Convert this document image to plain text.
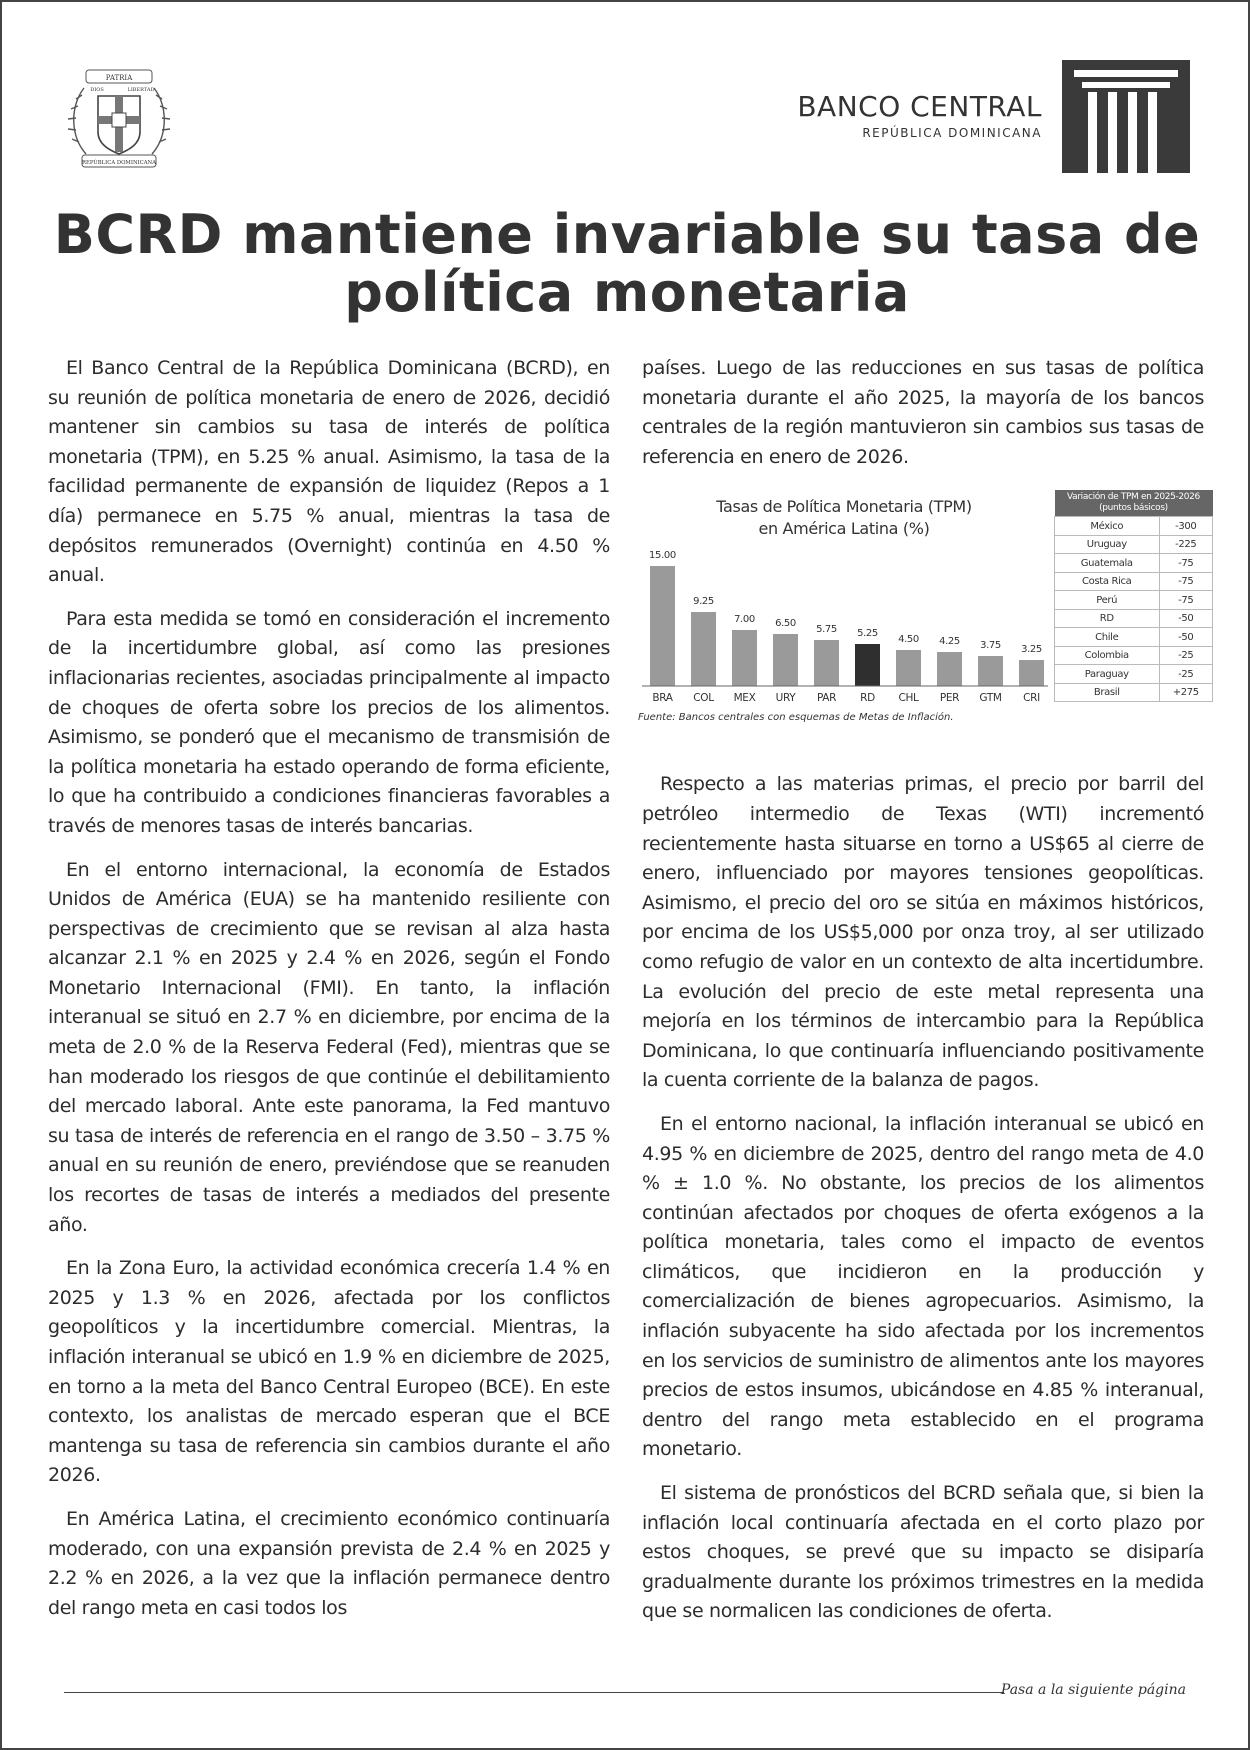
PATRIA
DIOS	LIBERTAD
REPÚBLICA DOMINICANA
BANCO CENTRAL
REPÚBLICA DOMINICANA
BCRD mantiene invariable su tasa de política monetaria

El Banco Central de la República Dominicana (BCRD), en su reunión de política monetaria de enero de 2026, decidió mantener sin cambios su tasa de interés de política monetaria (TPM), en 5.25 % anual. Asimismo, la tasa de la facilidad permanente de expansión de liquidez (Repos a 1 día) permanece en 5.75 % anual, mientras la tasa de depósitos remunerados (Overnight) continúa en 4.50 % anual.

Para esta medida se tomó en consideración el incremento de la incertidumbre global, así como las presiones inflacionarias recientes, asociadas principalmente al impacto de choques de oferta sobre los precios de los alimentos. Asimismo, se ponderó que el mecanismo de transmisión de la política monetaria ha estado operando de forma eficiente, lo que ha contribuido a condiciones financieras favorables a través de menores tasas de interés bancarias.

En el entorno internacional, la economía de Estados Unidos de América (EUA) se ha mantenido resiliente con perspectivas de crecimiento que se revisan al alza hasta alcanzar 2.1 % en 2025 y 2.4 % en 2026, según el Fondo Monetario Internacional (FMI). En tanto, la inflación interanual se situó en 2.7 % en diciembre, por encima de la meta de 2.0 % de la Reserva Federal (Fed), mientras que se han moderado los riesgos de que continúe el debilitamiento del mercado laboral. Ante este panorama, la Fed mantuvo su tasa de interés de referencia en el rango de 3.50 – 3.75 % anual en su reunión de enero, previéndose que se reanuden los recortes de tasas de interés a mediados del presente año.

En la Zona Euro, la actividad económica crecería 1.4 % en 2025 y 1.3 % en 2026, afectada por los conflictos geopolíticos y la incertidumbre comercial. Mientras, la inflación interanual se ubicó en 1.9 % en diciembre de 2025, en torno a la meta del Banco Central Europeo (BCE). En este contexto, los analistas de mercado esperan que el BCE mantenga su tasa de referencia sin cambios durante el año 2026.

En América Latina, el crecimiento económico continuaría moderado, con una expansión prevista de 2.4 % en 2025 y 2.2 % en 2026, a la vez que la inflación permanece dentro del rango meta en casi todos los

países. Luego de las reducciones en sus tasas de política monetaria durante el año 2025, la mayoría de los bancos centrales de la región mantuvieron sin cambios sus tasas de referencia en enero de 2026.

Tasas de Política Monetaria (TPM)
en América Latina (%)
15.00
BRA
9.25
COL
7.00
MEX
6.50
URY
5.75
PAR
5.25
RD
4.50
CHL
4.25
PER
3.75
GTM
3.25
CRI
Variación de TPM en 2025-2026
(puntos básicos)	
México	-300
Uruguay	-225
Guatemala	-75
Costa Rica	-75
Perú	-75
RD	-50
Chile	-50
Colombia	-25
Paraguay	-25
Brasil	+275
Fuente: Bancos centrales con esquemas de Metas de Inflación.

Respecto a las materias primas, el precio por barril del petróleo intermedio de Texas (WTI) incrementó recientemente hasta situarse en torno a US$65 al cierre de enero, influenciado por mayores tensiones geopolíticas. Asimismo, el precio del oro se sitúa en máximos históricos, por encima de los US$5,000 por onza troy, al ser utilizado como refugio de valor en un contexto de alta incertidumbre. La evolución del precio de este metal representa una mejoría en los términos de intercambio para la República Dominicana, lo que continuaría influenciando positivamente la cuenta corriente de la balanza de pagos.

En el entorno nacional, la inflación interanual se ubicó en 4.95 % en diciembre de 2025, dentro del rango meta de 4.0 % ± 1.0 %. No obstante, los precios de los alimentos continúan afectados por choques de oferta exógenos a la política monetaria, tales como el impacto de eventos climáticos, que incidieron en la producción y comercialización de bienes agropecuarios. Asimismo, la inflación subyacente ha sido afectada por los incrementos en los servicios de suministro de alimentos ante los mayores precios de estos insumos, ubicándose en 4.85 % interanual, dentro del rango meta establecido en el programa monetario.

El sistema de pronósticos del BCRD señala que, si bien la inflación local continuaría afectada en el corto plazo por estos choques, se prevé que su impacto se disiparía gradualmente durante los próximos trimestres en la medida que se normalicen las condiciones de oferta.

Pasa a la siguiente página
